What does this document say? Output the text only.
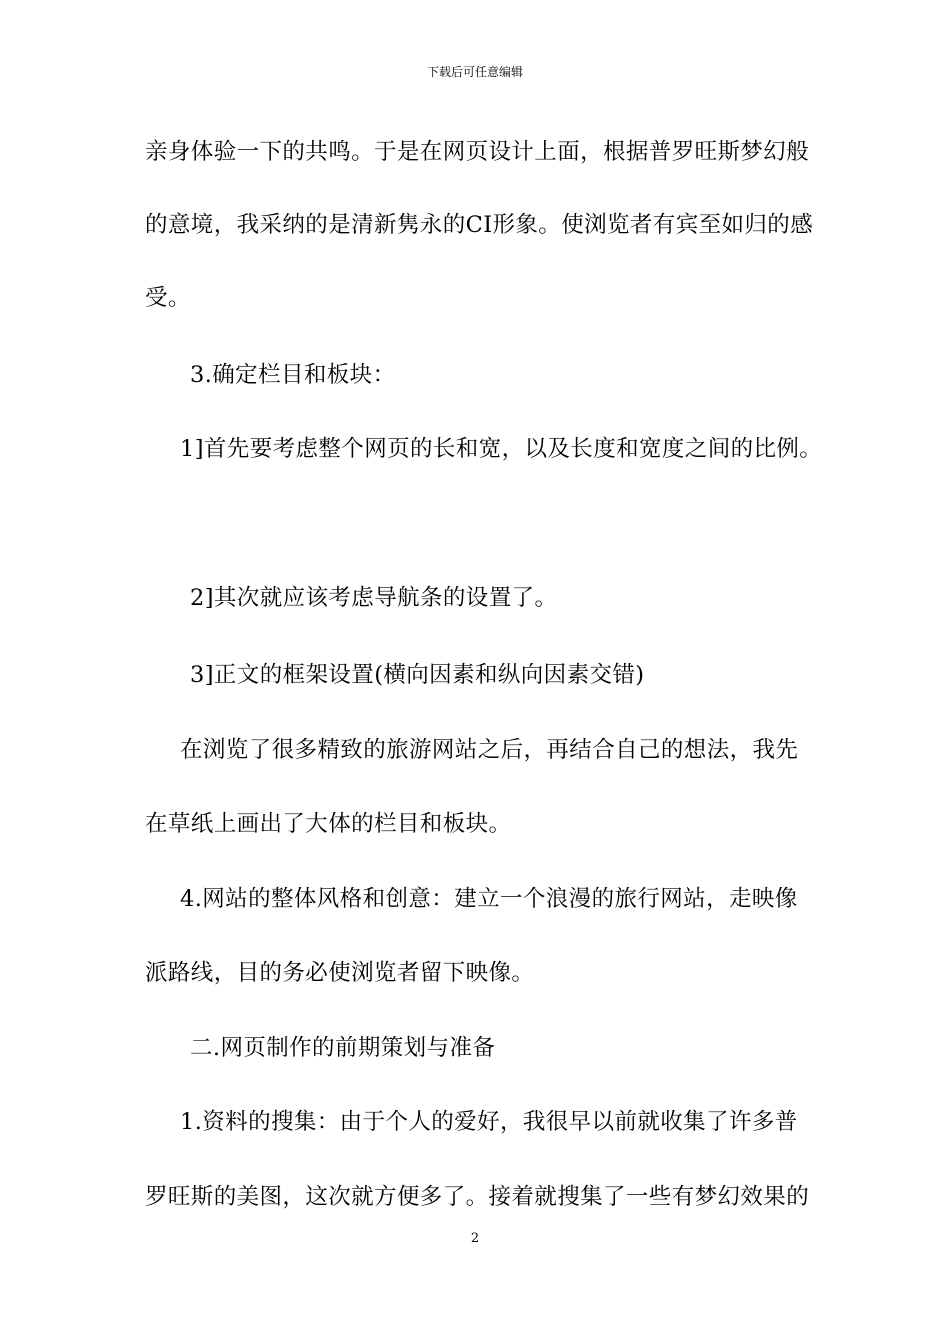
下载后可任意编辑
亲身体验一下的共鸣。于是在网页设计上面，根据普罗旺斯梦幻般
的意境，我采纳的是清新隽永的CI形象。使浏览者有宾至如归的感
受。
3.确定栏目和板块：
1]首先要考虑整个网页的长和宽，以及长度和宽度之间的比例。
2]其次就应该考虑导航条的设置了。
3]正文的框架设置(横向因素和纵向因素交错)
在浏览了很多精致的旅游网站之后，再结合自己的想法，我先
在草纸上画出了大体的栏目和板块。
4.网站的整体风格和创意：建立一个浪漫的旅行网站，走映像
派路线，目的务必使浏览者留下映像。
二.网页制作的前期策划与准备
1.资料的搜集：由于个人的爱好，我很早以前就收集了许多普
罗旺斯的美图，这次就方便多了。接着就搜集了一些有梦幻效果的
2
